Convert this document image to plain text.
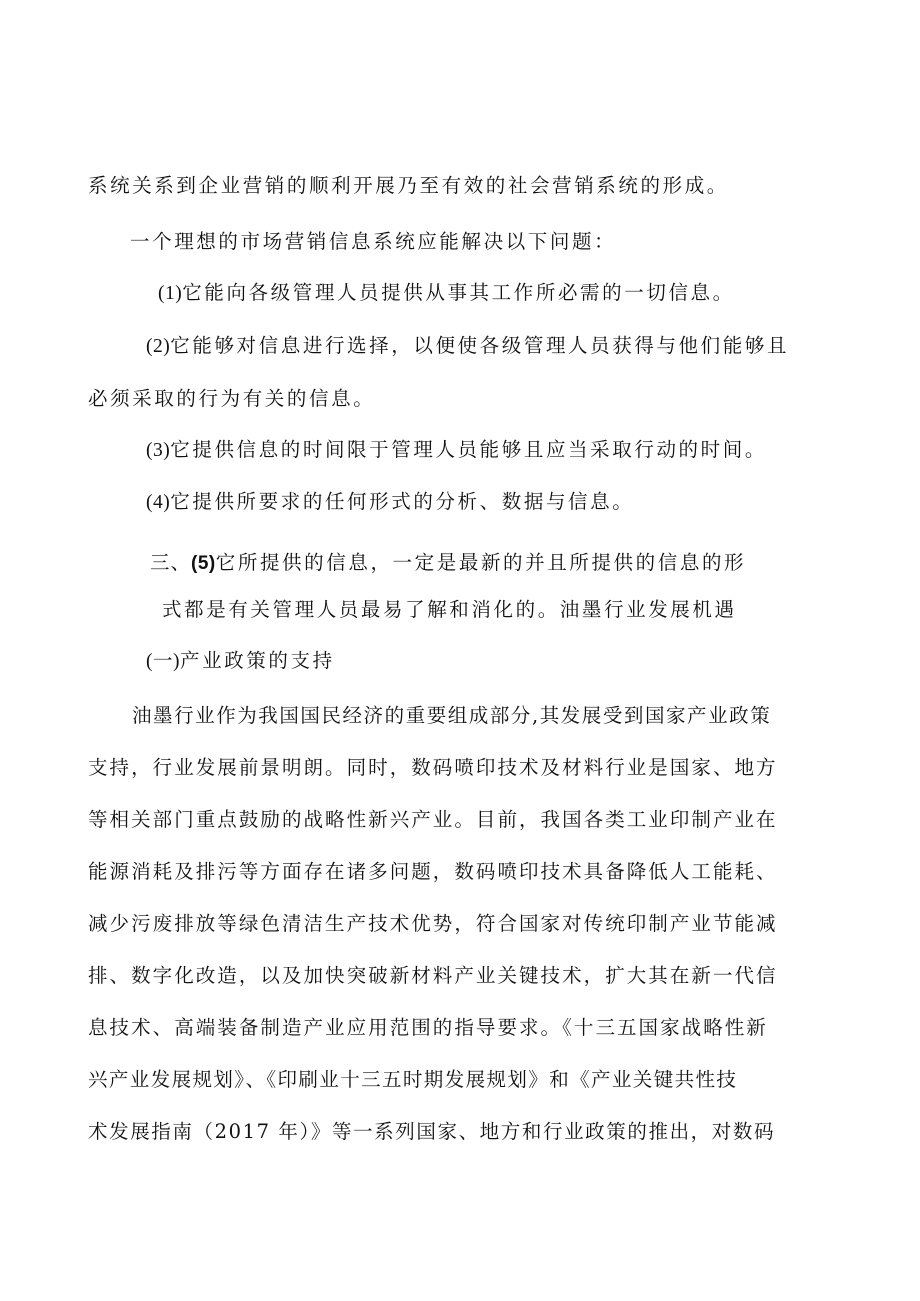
系统关系到企业营销的顺利开展乃至有效的社会营销系统的形成。
一个理想的市场营销信息系统应能解决以下问题：
(1)它能向各级管理人员提供从事其工作所必需的一切信息。
(2)它能够对信息进行选择，以便使各级管理人员获得与他们能够且
必须采取的行为有关的信息。
(3)它提供信息的时间限于管理人员能够且应当采取行动的时间。
(4)它提供所要求的任何形式的分析、数据与信息。
三、(5)它所提供的信息，一定是最新的并且所提供的信息的形
式都是有关管理人员最易了解和消化的。油墨行业发展机遇
(一)产业政策的支持
油墨行业作为我国国民经济的重要组成部分,其发展受到国家产业政策
支持，行业发展前景明朗。同时，数码喷印技术及材料行业是国家、地方
等相关部门重点鼓励的战略性新兴产业。目前，我国各类工业印制产业在
能源消耗及排污等方面存在诸多问题，数码喷印技术具备降低人工能耗、
减少污废排放等绿色清洁生产技术优势，符合国家对传统印制产业节能减
排、数字化改造，以及加快突破新材料产业关键技术，扩大其在新一代信
息技术、高端装备制造产业应用范围的指导要求。《十三五国家战略性新
兴产业发展规划》、《印刷业十三五时期发展规划》和《产业关键共性技
术发展指南（2017 年）》等一系列国家、地方和行业政策的推出，对数码
